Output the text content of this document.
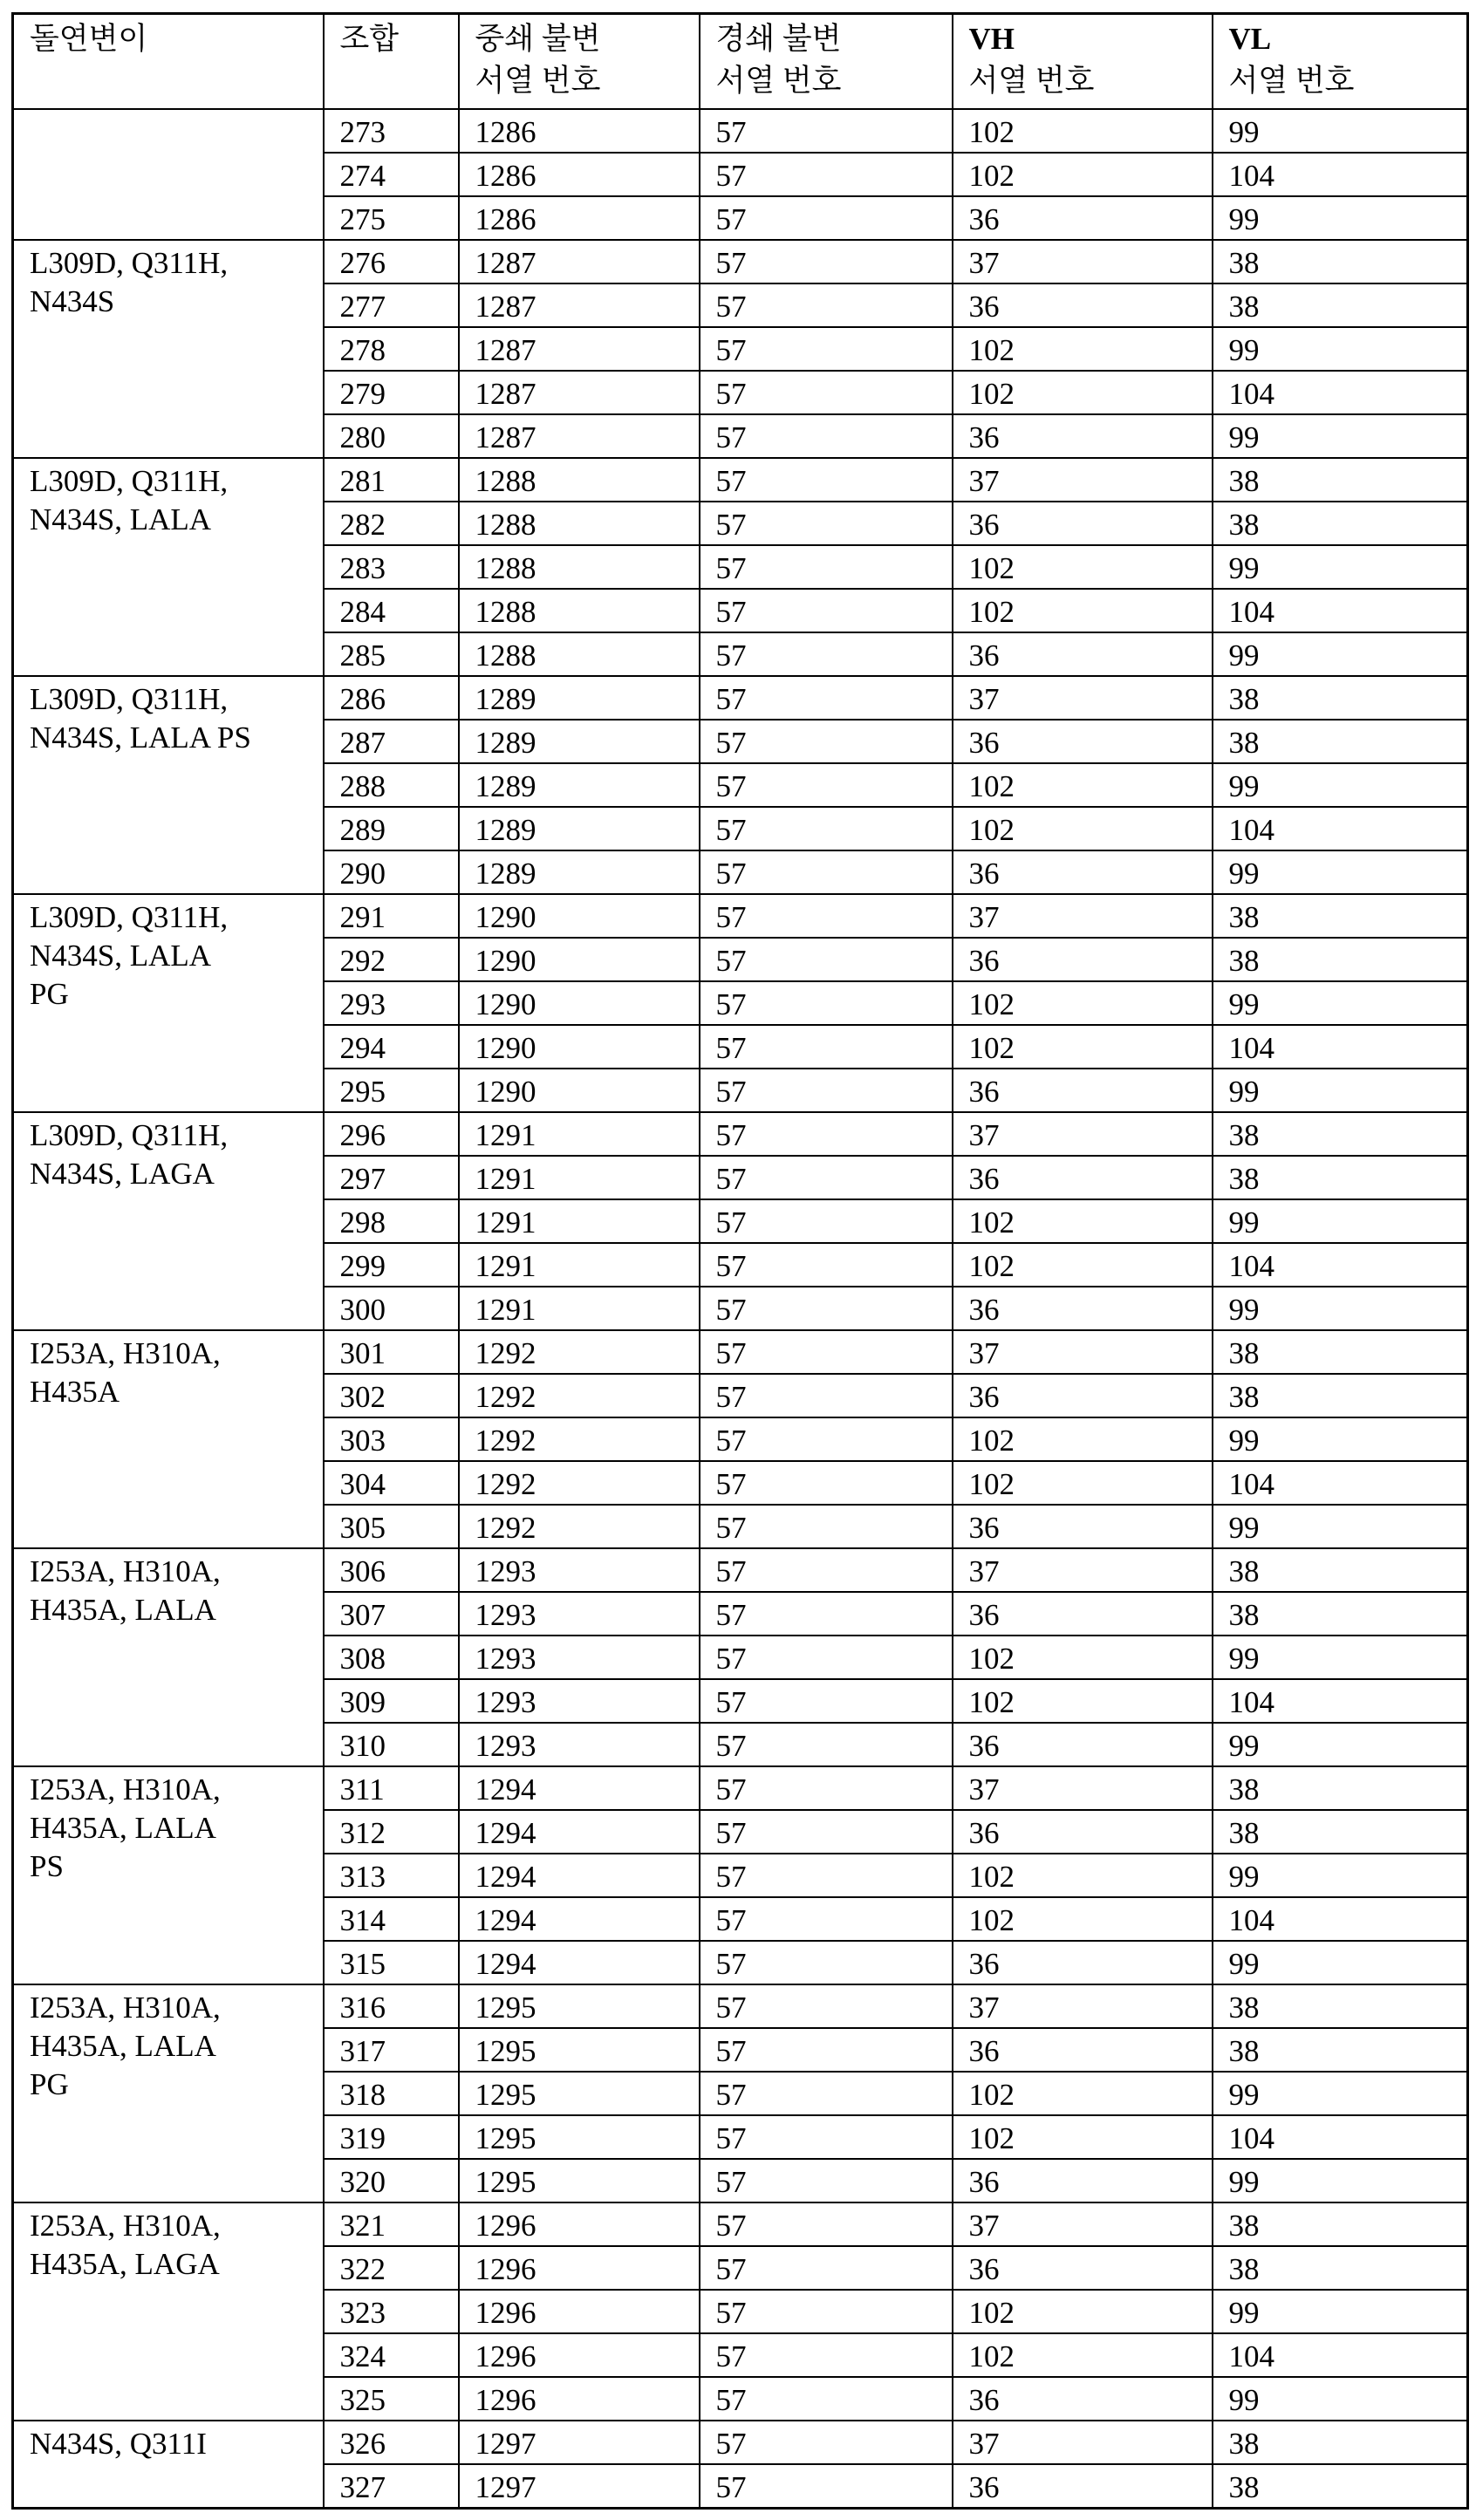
돌연변이	조합	중쇄 불변
서열 번호	경쇄 불변
서열 번호	VH
서열 번호	VL
서열 번호
	273	1286	57	102	99
274	1286	57	102	104
275	1286	57	36	99
L309D, Q311H,
N434S	276	1287	57	37	38
277	1287	57	36	38
278	1287	57	102	99
279	1287	57	102	104
280	1287	57	36	99
L309D, Q311H,
N434S, LALA	281	1288	57	37	38
282	1288	57	36	38
283	1288	57	102	99
284	1288	57	102	104
285	1288	57	36	99
L309D, Q311H,
N434S, LALA PS	286	1289	57	37	38
287	1289	57	36	38
288	1289	57	102	99
289	1289	57	102	104
290	1289	57	36	99
L309D, Q311H,
N434S, LALA
PG	291	1290	57	37	38
292	1290	57	36	38
293	1290	57	102	99
294	1290	57	102	104
295	1290	57	36	99
L309D, Q311H,
N434S, LAGA	296	1291	57	37	38
297	1291	57	36	38
298	1291	57	102	99
299	1291	57	102	104
300	1291	57	36	99
I253A, H310A,
H435A	301	1292	57	37	38
302	1292	57	36	38
303	1292	57	102	99
304	1292	57	102	104
305	1292	57	36	99
I253A, H310A,
H435A, LALA	306	1293	57	37	38
307	1293	57	36	38
308	1293	57	102	99
309	1293	57	102	104
310	1293	57	36	99
I253A, H310A,
H435A, LALA
PS	311	1294	57	37	38
312	1294	57	36	38
313	1294	57	102	99
314	1294	57	102	104
315	1294	57	36	99
I253A, H310A,
H435A, LALA
PG	316	1295	57	37	38
317	1295	57	36	38
318	1295	57	102	99
319	1295	57	102	104
320	1295	57	36	99
I253A, H310A,
H435A, LAGA	321	1296	57	37	38
322	1296	57	36	38
323	1296	57	102	99
324	1296	57	102	104
325	1296	57	36	99
N434S, Q311I	326	1297	57	37	38
327	1297	57	36	38
